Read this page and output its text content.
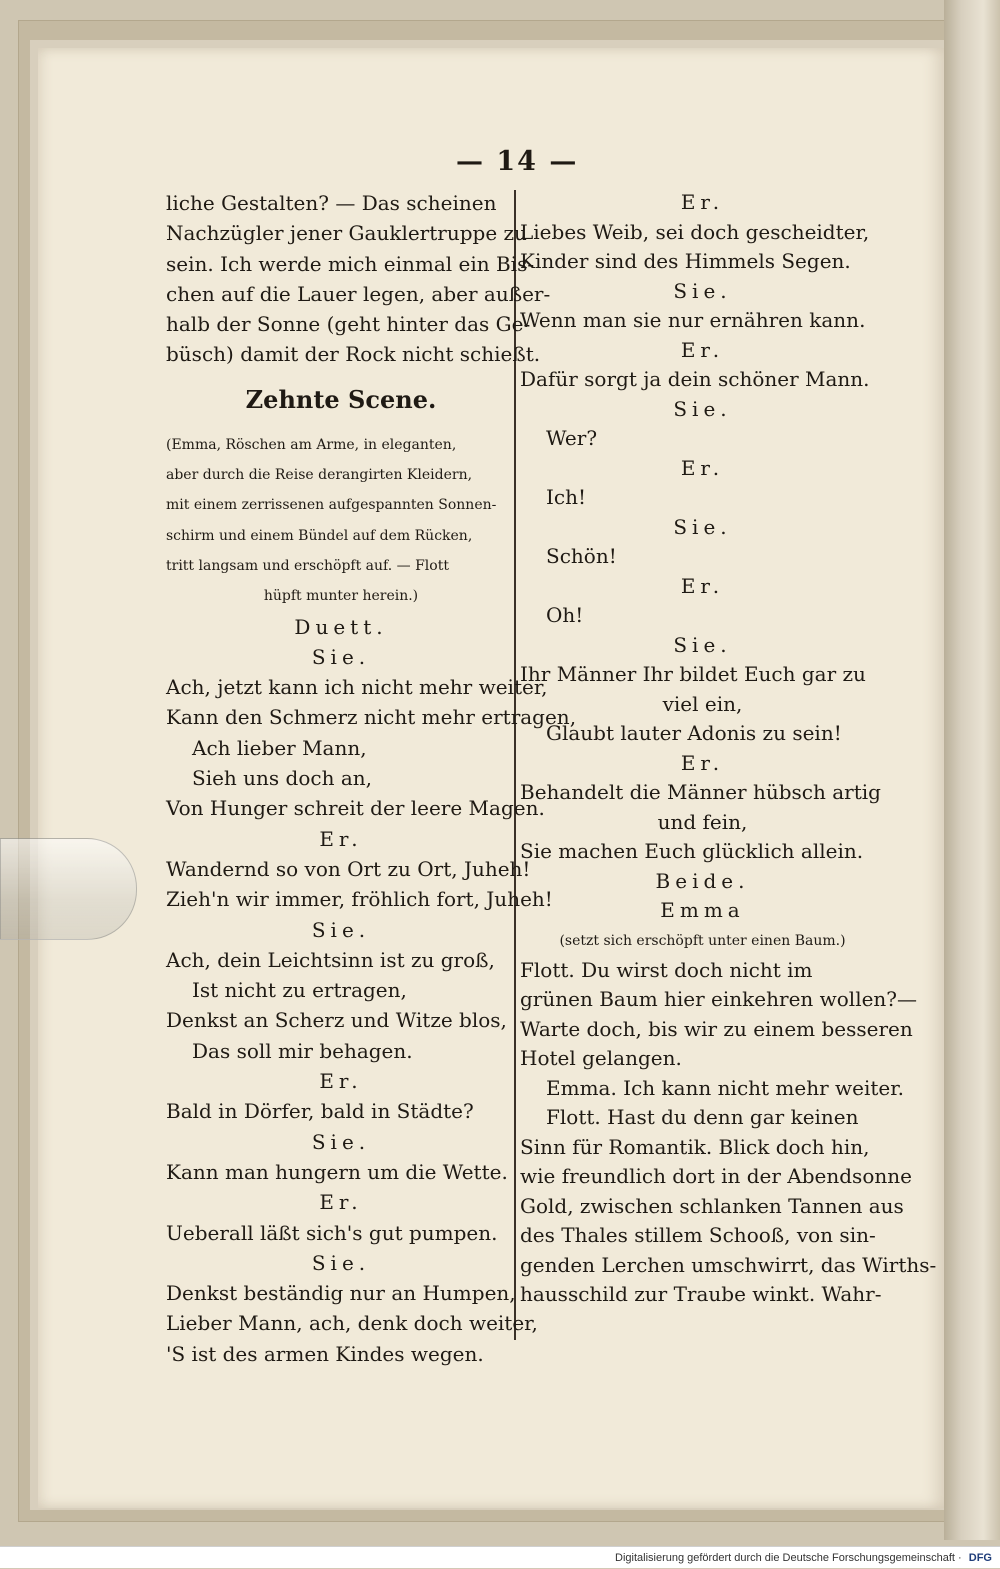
— 14 —
liche Gestalten? — Das scheinen
Nachzügler jener Gauklertruppe zu
sein. Ich werde mich einmal ein Bis-
chen auf die Lauer legen, aber außer-
halb der Sonne (geht hinter das Ge-
büsch) damit der Rock nicht schießt.
Zehnte Scene.
(Emma, Röschen am Arme, in eleganten,
aber durch die Reise derangirten Kleidern,
mit einem zerrissenen aufgespannten Sonnen-
schirm und einem Bündel auf dem Rücken,
tritt langsam und erschöpft auf. — Flott
hüpft munter herein.)
Duett.
Sie.
Ach, jetzt kann ich nicht mehr weiter,
Kann den Schmerz nicht mehr ertragen,
Ach lieber Mann,
Sieh uns doch an,
Von Hunger schreit der leere Magen.
Er.
Wandernd so von Ort zu Ort, Juheh!
Zieh'n wir immer, fröhlich fort, Juheh!
Sie.
Ach, dein Leichtsinn ist zu groß,
Ist nicht zu ertragen,
Denkst an Scherz und Witze blos,
Das soll mir behagen.
Er.
Bald in Dörfer, bald in Städte?
Sie.
Kann man hungern um die Wette.
Er.
Ueberall läßt sich's gut pumpen.
Sie.
Denkst beständig nur an Humpen,
Lieber Mann, ach, denk doch weiter,
'S ist des armen Kindes wegen.
Er.
Liebes Weib, sei doch gescheidter,
Kinder sind des Himmels Segen.
Sie.
Wenn man sie nur ernähren kann.
Er.
Dafür sorgt ja dein schöner Mann.
Sie.
Wer?
Er.
Ich!
Sie.
Schön!
Er.
Oh!
Sie.
Ihr Männer Ihr bildet Euch gar zu
viel ein,
Glaubt lauter Adonis zu sein!
Er.
Behandelt die Männer hübsch artig
und fein,
Sie machen Euch glücklich allein.
Beide.
Emma
(setzt sich erschöpft unter einen Baum.)
Flott. Du wirst doch nicht im
grünen Baum hier einkehren wollen?—
Warte doch, bis wir zu einem besseren
Hotel gelangen.
Emma. Ich kann nicht mehr weiter.
Flott. Hast du denn gar keinen
Sinn für Romantik. Blick doch hin,
wie freundlich dort in der Abendsonne
Gold, zwischen schlanken Tannen aus
des Thales stillem Schooß, von sin-
genden Lerchen umschwirrt, das Wirths-
hausschild zur Traube winkt. Wahr-
Digitalisierung gefördert durch die Deutsche Forschungsgemeinschaft · DFG
